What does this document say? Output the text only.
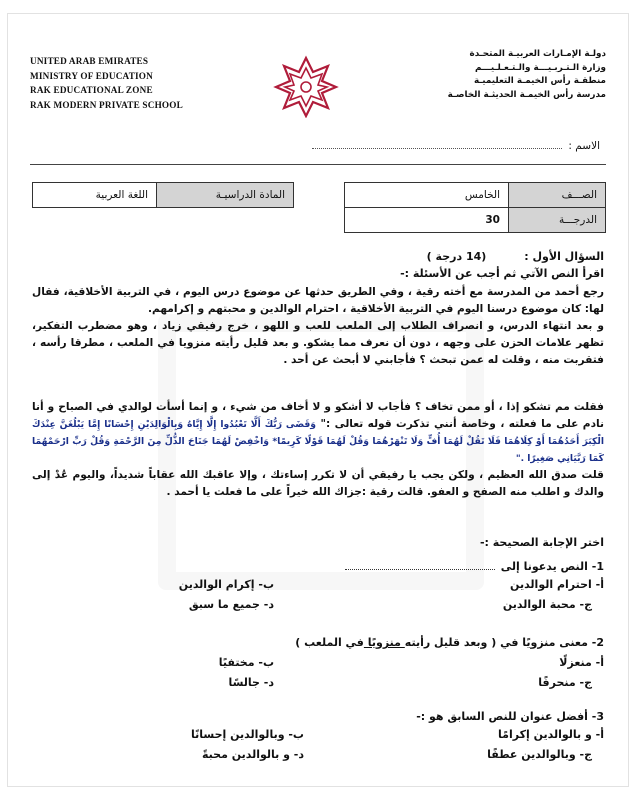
UNITED ARAB EMIRATES
MINISTRY OF EDUCATION
RAK EDUCATIONAL ZONE
RAK MODERN PRIVATE SCHOOL
دولـة الإمـارات العربيـة المتحـدة
وزارة الـتـربـيـــة والـتـعـلـيـــم
منطقـة رأس الخيمـة التعليميـة
مدرسة رأس الخيمـة الحديثـة الخاصـة
الاسم :
الصـــف	الخامس
الدرجـــة	30
المادة الدراسيـة	اللغة العربية
السؤال الأول :(14 درجة )
اقرأ النص الآتي ثم أجب عن الأسئلة :-

رجع أحمد من المدرسة مع أخته رقية ، وفي الطريق حدثها عن موضوع درس اليوم ، في التربية الأخلاقية، فقال لها: كان موضوع درسنا اليوم في التربية الأخلاقية ، احترام الوالدين و محبتهم و إكرامهم.

و بعد انتهاء الدرس، و انصراف الطلاب إلى الملعب للعب و اللهو ، خرج رفيقي زياد ، وهو مضطرب التفكير، تظهر علامات الحزن على وجهه ، دون أن نعرف مما يشكو. و بعد قليل رأيته منزويا في الملعب ، مطرقا رأسه ، فتقربت منه ، وقلت له عمن تبحث ؟ فأجابني لا أبحث عن أحد .

فقلت مم تشكو إذا ، أو ممن تخاف ؟ فأجاب لا أشكو و لا أخاف من شيء ، و إنما أسأت لوالدي في الصباح و أنا نادم على ما فعلته ، وخاصة أنني تذكرت قوله تعالى :" وَقَضَى رَبُّكَ أَلَّا تَعْبُدُوا إِلَّا إِيَّاهُ وَبِالْوَالِدَيْنِ إِحْسَانًا إِمَّا يَبْلُغَنَّ عِنْدَكَ الْكِبَرَ أَحَدُهُمَا أَوْ كِلَاهُمَا فَلَا تَقُلْ لَهُمَا أُفٍّ وَلَا تَنْهَرْهُمَا وَقُلْ لَهُمَا قَوْلًا كَرِيمًا* وَاخْفِضْ لَهُمَا جَنَاحَ الذُّلِّ مِنَ الرَّحْمَةِ وَقُلْ رَبِّ ارْحَمْهُمَا كَمَا رَبَّيَانِي صَغِيرًا ."

قلت صدق الله العظيم ، ولكن يجب يا رفيقي أن لا تكرر إساءتك ، وإلا عاقبك الله عقاباً شديداً، واليوم عُدْ إلى والدك و اطلب منه الصفح و العفو. قالت رقية :جزاك الله خيراً على ما فعلت يا أحمد .

اختر الإجابة الصحيحة :-
1- النص يدعونا إلى
أ- احترام الوالدين
ب- إكرام الوالدين
ج- محبة الوالدين
د- جميع ما سبق
2- معنى منزويًا في ( وبعد قليل رأيته منزويًا في الملعب )
أ- منعزلًا
ب- مختفيًا
ج- منحرفًا
د- جالسًا
3- أفضل عنوان للنص السابق هو :-
أ- و بالوالدين إكرامًا
ب- وبالوالدين إحسانًا
ج- وبالوالدين عطفًا
د- و بالوالدين محبةً
